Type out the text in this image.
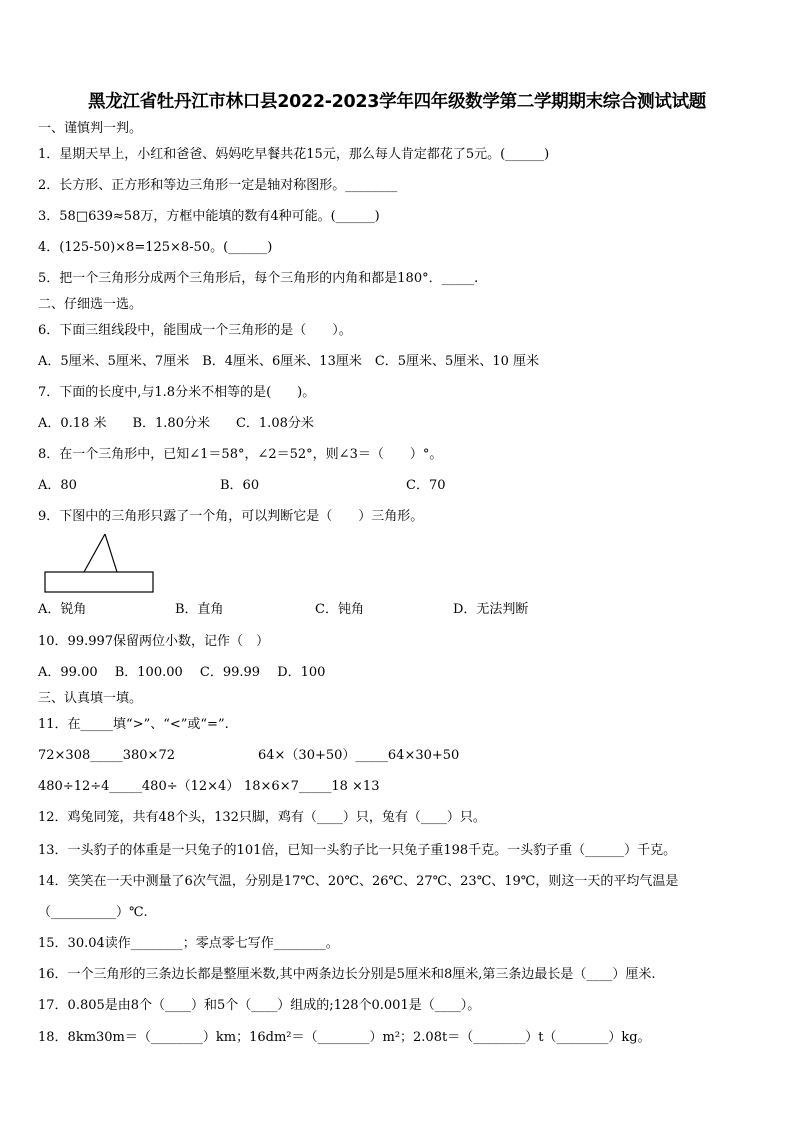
黑龙江省牡丹江市林口县2022-2023学年四年级数学第二学期期末综合测试试题
一、谨慎判一判。
1．星期天早上，小红和爸爸、妈妈吃早餐共花15元，那么每人肯定都花了5元。(______)
2．长方形、正方形和等边三角形一定是轴对称图形。________
3．58□639≈58万，方框中能填的数有4种可能。(______)
4．(125-50)×8=125×8-50。(______)
5．把一个三角形分成两个三角形后，每个三角形的内角和都是180°．_____.
二、仔细选一选。
6．下面三组线段中，能围成一个三角形的是（　　）。
A．5厘米、5厘米、7厘米　B．4厘米、6厘米、13厘米　C．5厘米、5厘米、10 厘米
7．下面的长度中,与1.8分米不相等的是(　　)。
A．0.18 米　　B．1.80分米　　C．1.08分米
8．在一个三角形中，已知∠1＝58°，∠2＝52°，则∠3＝（　　）°。
A．80	B．60	C．70
9．下图中的三角形只露了一个角，可以判断它是（　　）三角形。
A．锐角	B．直角	C．钝角	D．无法判断
10．99.997保留两位小数，记作（　）
A．99.00　 B．100.00　 C．99.99　 D．100
三、认真填一填。
11．在_____填“>”、“<”或“=”.
72×308_____380×72	64×（30+50）_____64×30+50
480÷12÷4_____480÷（12×4） 18×6×7_____18 ×13
12．鸡兔同笼，共有48个头，132只脚，鸡有（____）只，兔有（____）只。
13．一头豹子的体重是一只兔子的101倍，已知一头豹子比一只兔子重198千克。一头豹子重（______）千克。
14．笑笑在一天中测量了6次气温，分别是17℃、20℃、26℃、27℃、23℃、19℃，则这一天的平均气温是
（__________）℃.
15．30.04读作________；零点零七写作________。
16．一个三角形的三条边长都是整厘米数,其中两条边长分别是5厘米和8厘米,第三条边最长是（____）厘米.
17．0.805是由8个（____）和5个（____）组成的;128个0.001是（____）。
18．8km30m＝（________）km；16dm²＝（________）m²；2.08t＝（________）t（________）kg。
